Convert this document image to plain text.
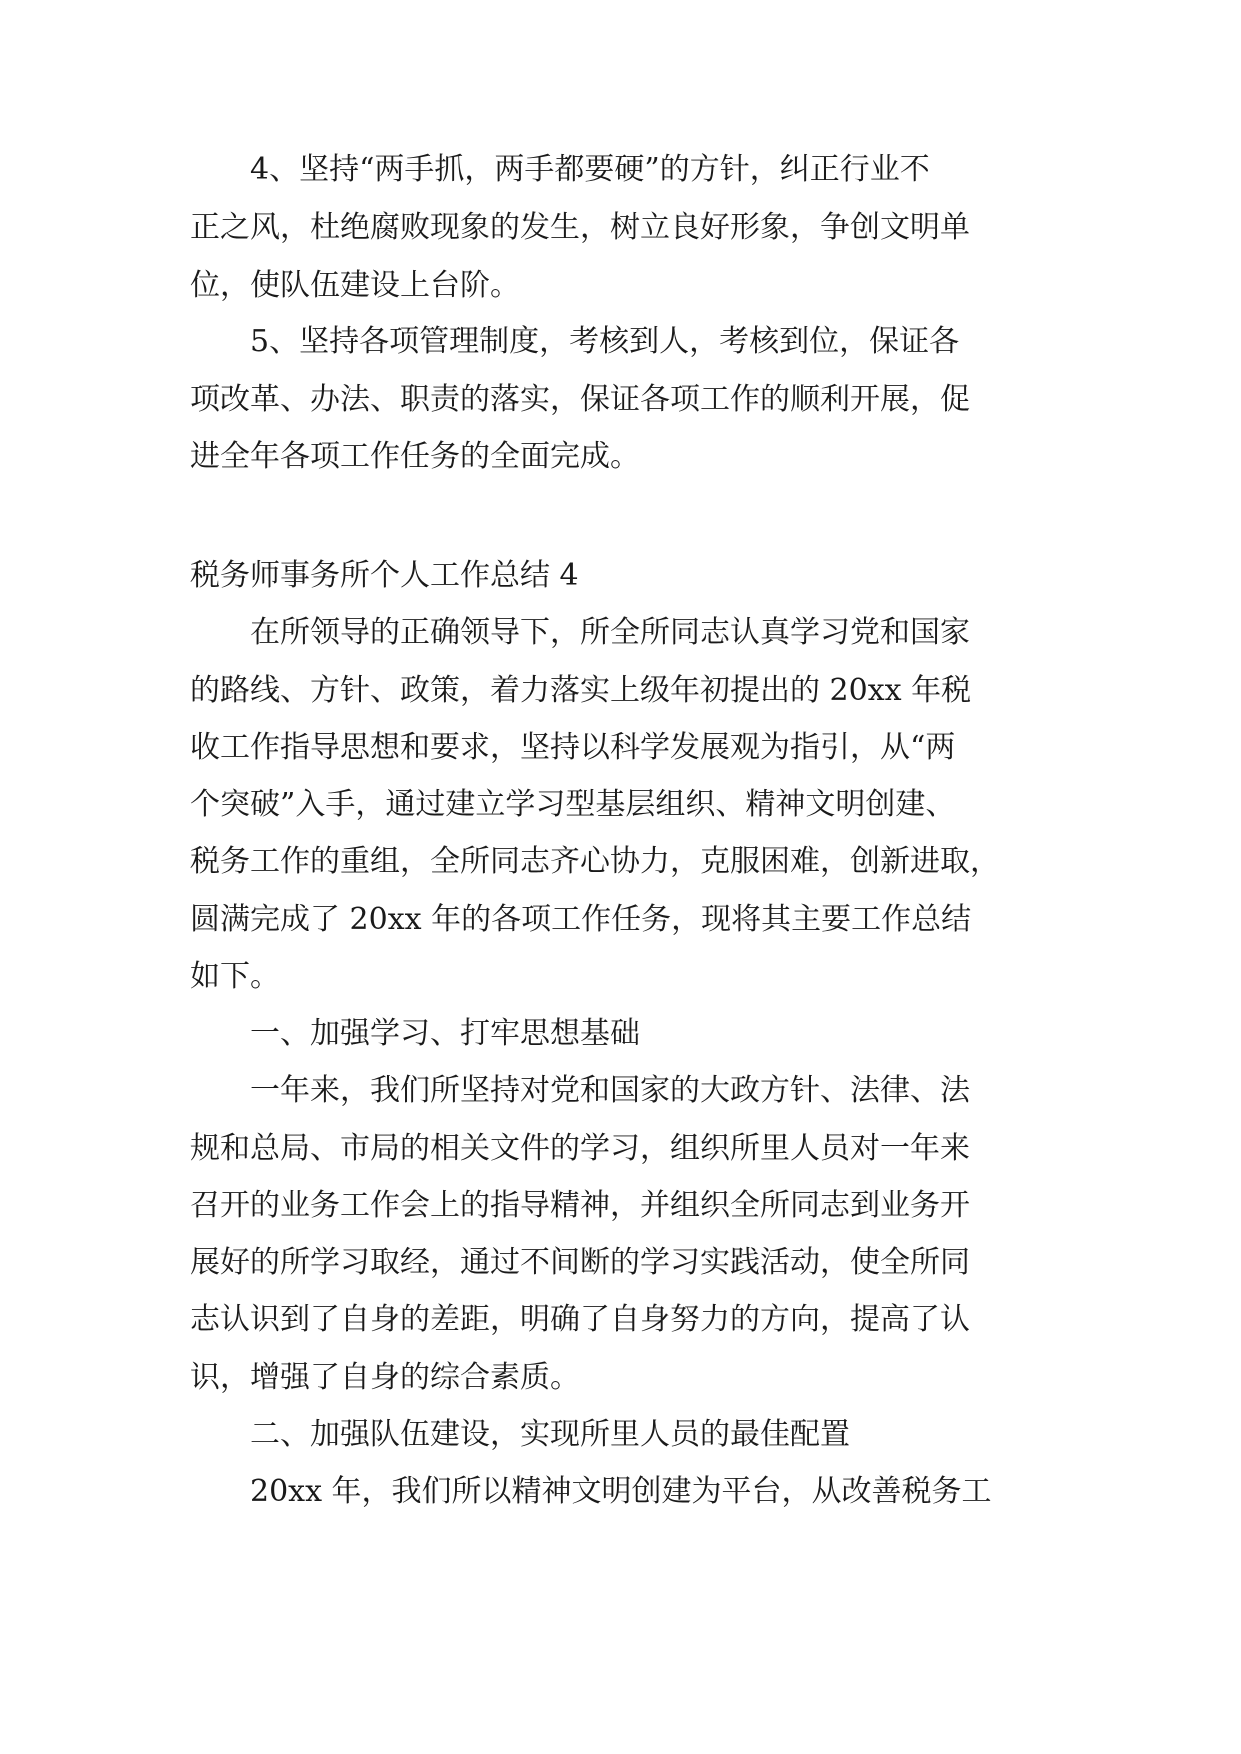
　　4、坚持“两手抓，两手都要硬”的方针，纠正行业不

正之风，杜绝腐败现象的发生，树立良好形象，争创文明单

位，使队伍建设上台阶。

　　5、坚持各项管理制度，考核到人，考核到位，保证各

项改革、办法、职责的落实，保证各项工作的顺利开展，促

进全年各项工作任务的全面完成。

税务师事务所个人工作总结 4

　　在所领导的正确领导下，所全所同志认真学习党和国家

的路线、方针、政策，着力落实上级年初提出的 20xx 年税

收工作指导思想和要求，坚持以科学发展观为指引，从“两

个突破”入手，通过建立学习型基层组织、精神文明创建、

税务工作的重组，全所同志齐心协力，克服困难，创新进取，

圆满完成了 20xx 年的各项工作任务，现将其主要工作总结

如下。

　　一、加强学习、打牢思想基础

　　一年来，我们所坚持对党和国家的大政方针、法律、法

规和总局、市局的相关文件的学习，组织所里人员对一年来

召开的业务工作会上的指导精神，并组织全所同志到业务开

展好的所学习取经，通过不间断的学习实践活动，使全所同

志认识到了自身的差距，明确了自身努力的方向，提高了认

识，增强了自身的综合素质。

　　二、加强队伍建设，实现所里人员的最佳配置

　　20xx 年，我们所以精神文明创建为平台，从改善税务工
